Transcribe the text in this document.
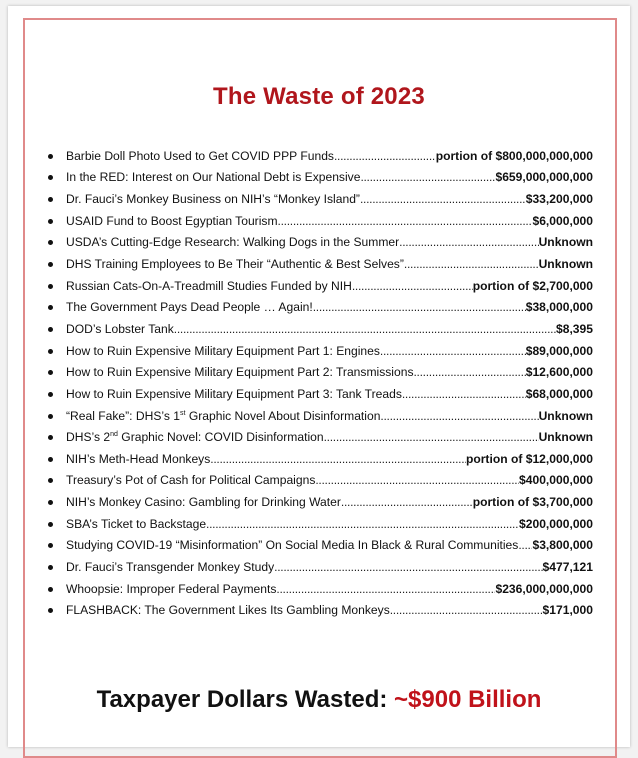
The Waste of 2023
Barbie Doll Photo Used to Get COVID PPP Funds .....	portion of $800,000,000,000
In the RED: Interest on Our National Debt is Expensive .....	$659,000,000,000
Dr. Fauci’s Monkey Business on NIH’s “Monkey Island” .....	$33,200,000
USAID Fund to Boost Egyptian Tourism .....	$6,000,000
USDA’s Cutting-Edge Research: Walking Dogs in the Summer .....	Unknown
DHS Training Employees to Be Their “Authentic & Best Selves” .....	Unknown
Russian Cats-On-A-Treadmill Studies Funded by NIH .....	portion of $2,700,000
The Government Pays Dead People … Again! .....	$38,000,000
DOD’s Lobster Tank .....	$8,395
How to Ruin Expensive Military Equipment Part 1: Engines .....	$89,000,000
How to Ruin Expensive Military Equipment Part 2: Transmissions .....	$12,600,000
How to Ruin Expensive Military Equipment Part 3: Tank Treads .....	$68,000,000
“Real Fake”: DHS’s 1st Graphic Novel About Disinformation .....	Unknown
DHS’s 2nd Graphic Novel: COVID Disinformation .....	Unknown
NIH’s Meth-Head Monkeys .....	portion of $12,000,000
Treasury’s Pot of Cash for Political Campaigns .....	$400,000,000
NIH’s Monkey Casino: Gambling for Drinking Water .....	portion of $3,700,000
SBA’s Ticket to Backstage .....	$200,000,000
Studying COVID-19 “Misinformation” On Social Media In Black & Rural Communities ..... $3,800,000
Dr. Fauci’s Transgender Monkey Study .....	$477,121
Whoopsie: Improper Federal Payments .....	$236,000,000,000
FLASHBACK: The Government Likes Its Gambling Monkeys .....	$171,000
Taxpayer Dollars Wasted: ~$900 Billion
